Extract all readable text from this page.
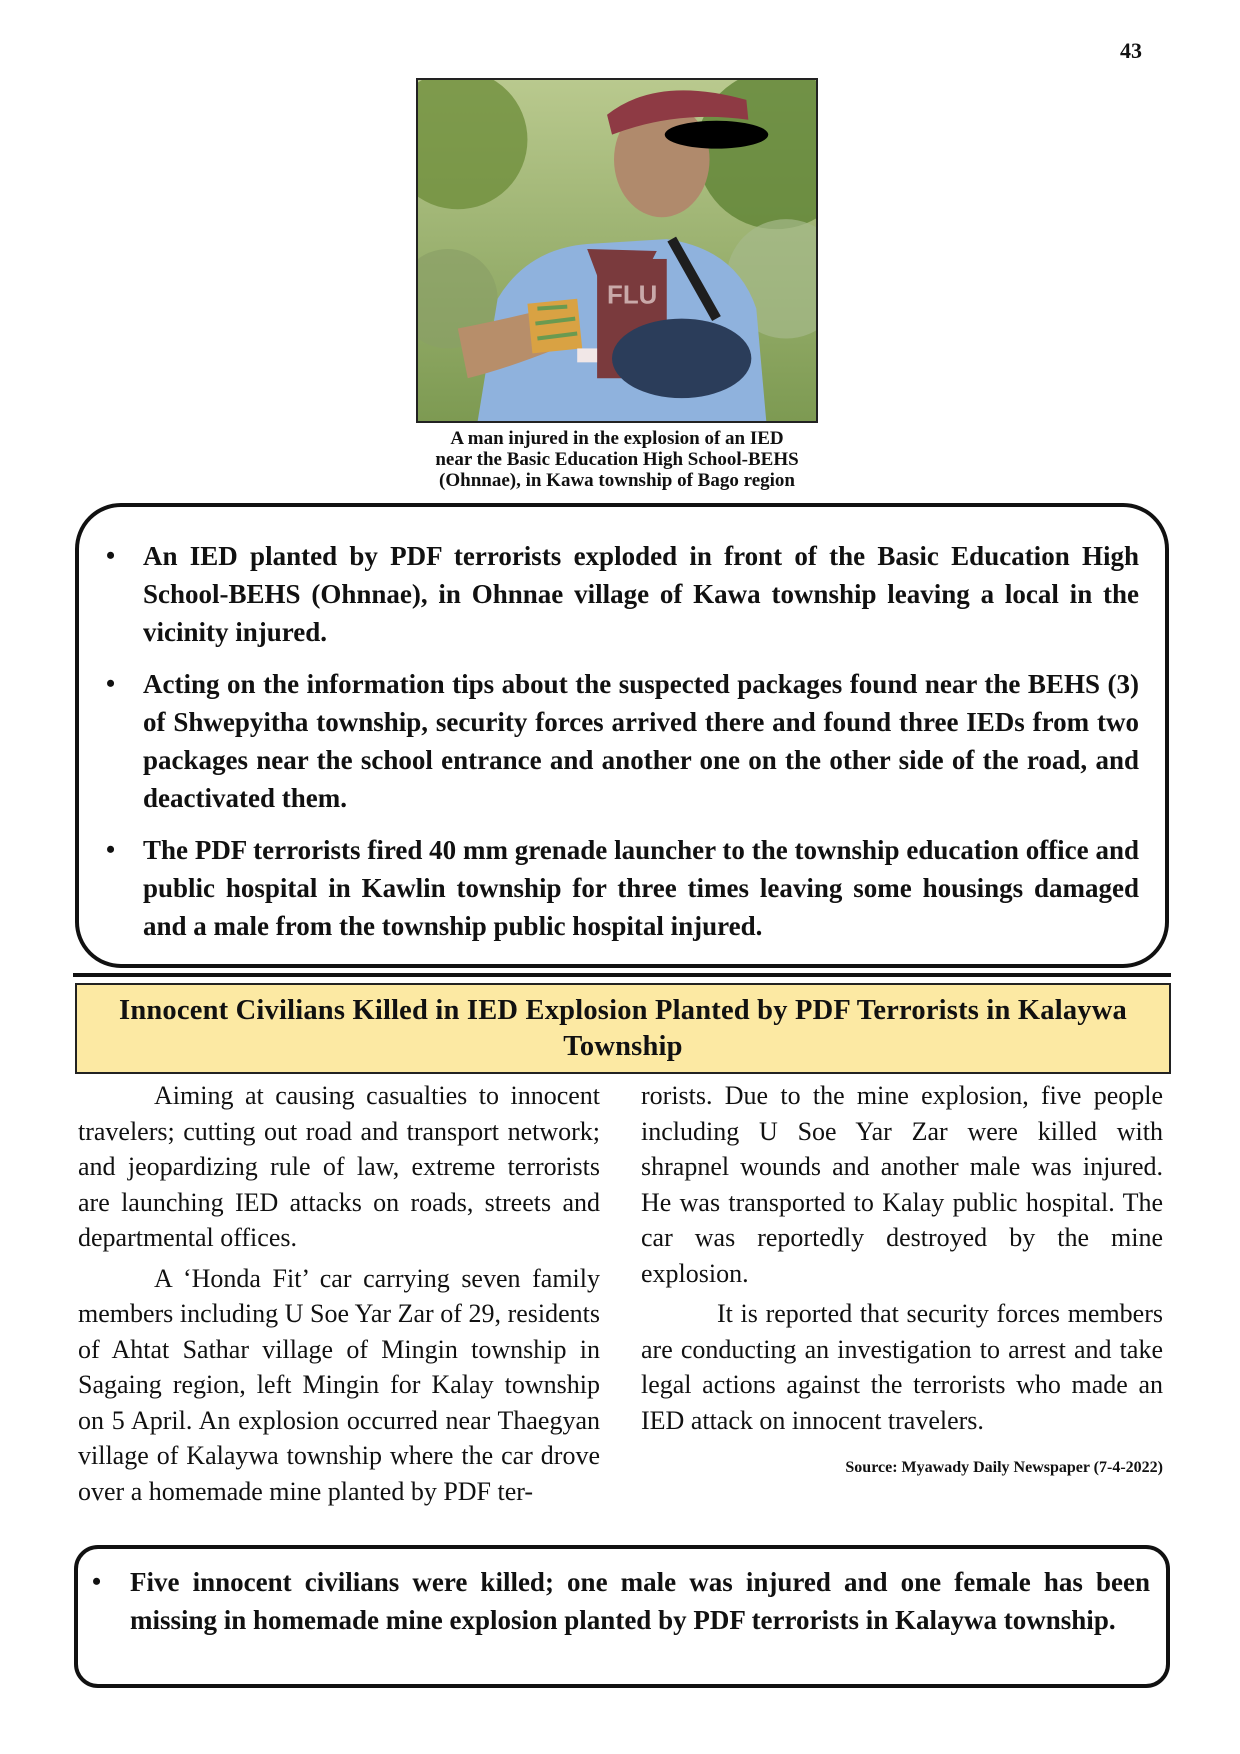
43
FLU
A man injured in the explosion of an IED
near the Basic Education High School-BEHS
(Ohnnae), in Kawa township of Bago region
• An IED planted by PDF terrorists exploded in front of the Basic Education High School-BEHS (Ohnnae), in Ohnnae village of Kawa township leaving a local in the vicinity injured.
• Acting on the information tips about the suspected packages found near the BEHS (3) of Shwepyitha township, security forces arrived there and found three IEDs from two packages near the school entrance and another one on the other side of the road, and deactivated them.
• The PDF terrorists fired 40 mm grenade launcher to the township education office and public hospital in Kawlin township for three times leaving some housings damaged and a male from the township public hospital injured.
Innocent Civilians Killed in IED Explosion Planted by PDF Terrorists in Kalaywa Township

Aiming at causing casualties to innocent travelers; cutting out road and transport network; and jeopardizing rule of law, extreme terrorists are launching IED attacks on roads, streets and departmental offices.

A ‘Honda Fit’ car carrying seven family members including U Soe Yar Zar of 29, residents of Ahtat Sathar village of Mingin township in Sagaing region, left Mingin for Kalay township on 5 April. An explosion occurred near Thaegyan village of Kalaywa township where the car drove over a homemade mine planted by PDF ter-

rorists. Due to the mine explosion, five people including U Soe Yar Zar were killed with shrapnel wounds and another male was injured. He was transported to Kalay public hospital. The car was reportedly destroyed by the mine explosion.

It is reported that security forces members are conducting an investigation to arrest and take legal actions against the terrorists who made an IED attack on innocent travelers.

Source: Myawady Daily Newspaper (7-4-2022)

• Five innocent civilians were killed; one male was injured and one female has been missing in homemade mine explosion planted by PDF terrorists in Kalaywa township.
